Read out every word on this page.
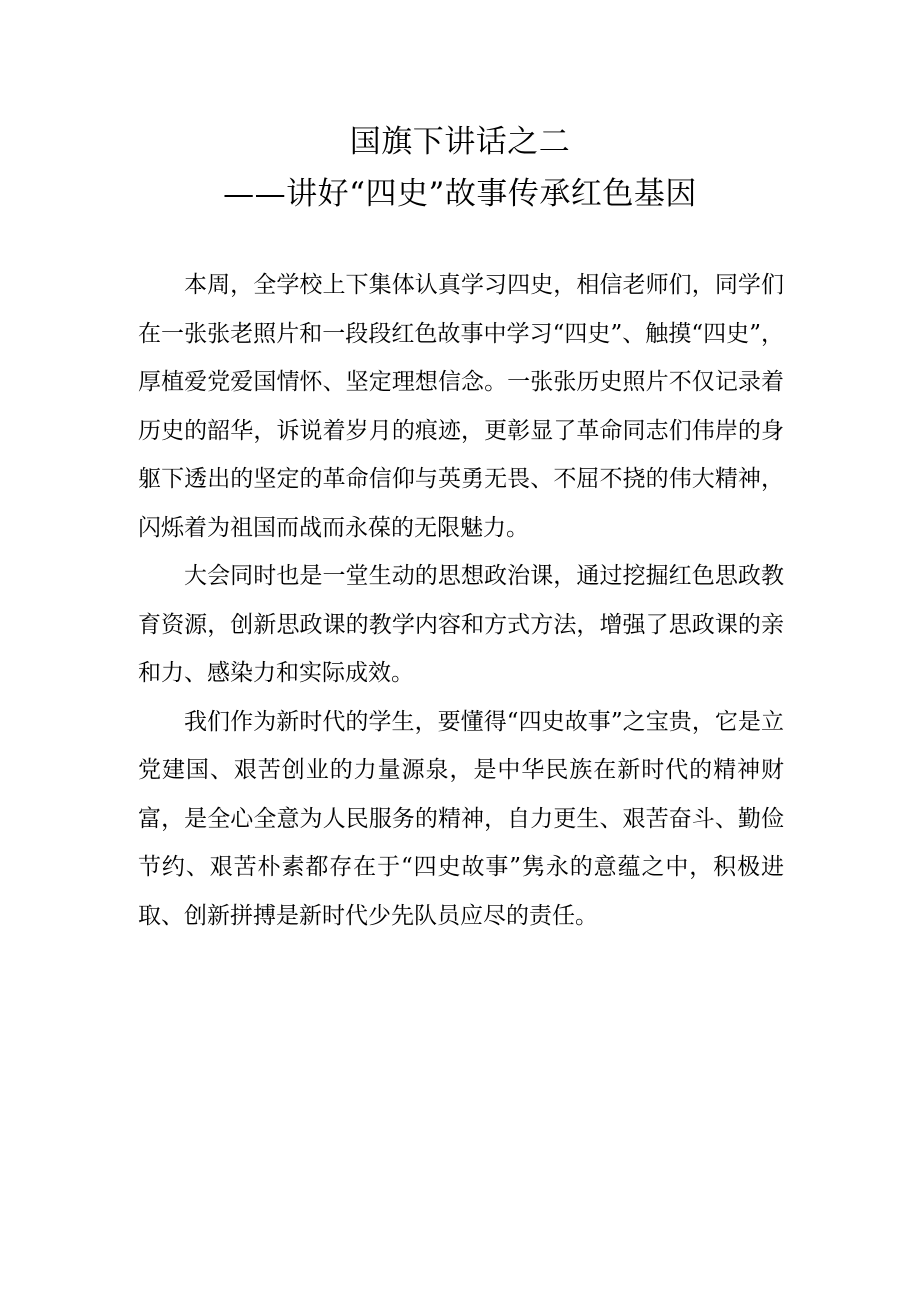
国旗下讲话之二
——讲好“四史”故事传承红色基因

本周，全学校上下集体认真学习四史，相信老师们，同学们在一张张老照片和一段段红色故事中学习“四史”、触摸“四史”，厚植爱党爱国情怀、坚定理想信念。一张张历史照片不仅记录着历史的韶华，诉说着岁月的痕迹，更彰显了革命同志们伟岸的身躯下透出的坚定的革命信仰与英勇无畏、不屈不挠的伟大精神，闪烁着为祖国而战而永葆的无限魅力。

大会同时也是一堂生动的思想政治课，通过挖掘红色思政教育资源，创新思政课的教学内容和方式方法，增强了思政课的亲和力、感染力和实际成效。

我们作为新时代的学生，要懂得“四史故事”之宝贵，它是立党建国、艰苦创业的力量源泉，是中华民族在新时代的精神财富，是全心全意为人民服务的精神，自力更生、艰苦奋斗、勤俭节约、艰苦朴素都存在于“四史故事”隽永的意蕴之中，积极进取、创新拼搏是新时代少先队员应尽的责任。
